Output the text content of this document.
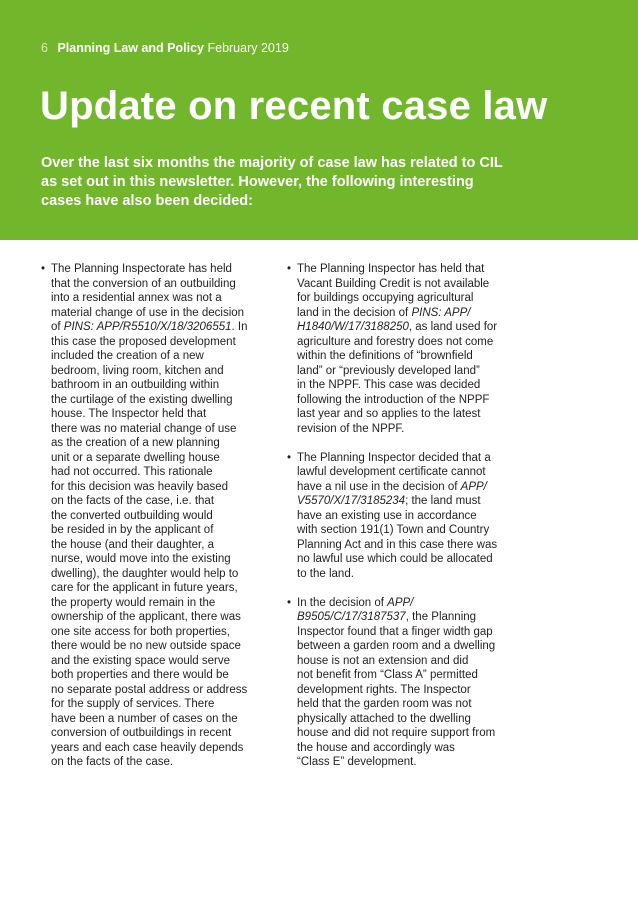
6 Planning Law and Policy February 2019
Update on recent case law

Over the last six months the majority of case law has related to CIL
as set out in this newsletter. However, the following interesting
cases have also been decided:

• The Planning Inspectorate has held
that the conversion of an outbuilding
into a residential annex was not a
material change of use in the decision
of PINS: APP/R5510/X/18/3206551. In
this case the proposed development
included the creation of a new
bedroom, living room, kitchen and
bathroom in an outbuilding within
the curtilage of the existing dwelling
house. The Inspector held that
there was no material change of use
as the creation of a new planning
unit or a separate dwelling house
had not occurred. This rationale
for this decision was heavily based
on the facts of the case, i.e. that
the converted outbuilding would
be resided in by the applicant of
the house (and their daughter, a
nurse, would move into the existing
dwelling), the daughter would help to
care for the applicant in future years,
the property would remain in the
ownership of the applicant, there was
one site access for both properties,
there would be no new outside space
and the existing space would serve
both properties and there would be
no separate postal address or address
for the supply of services. There
have been a number of cases on the
conversion of outbuildings in recent
years and each case heavily depends
on the facts of the case.
• The Planning Inspector has held that
Vacant Building Credit is not available
for buildings occupying agricultural
land in the decision of PINS: APP/
H1840/W/17/3188250, as land used for
agriculture and forestry does not come
within the definitions of “brownfield
land” or “previously developed land”
in the NPPF. This case was decided
following the introduction of the NPPF
last year and so applies to the latest
revision of the NPPF.
• The Planning Inspector decided that a
lawful development certificate cannot
have a nil use in the decision of APP/
V5570/X/17/3185234; the land must
have an existing use in accordance
with section 191(1) Town and Country
Planning Act and in this case there was
no lawful use which could be allocated
to the land.
• In the decision of APP/
B9505/C/17/3187537, the Planning
Inspector found that a finger width gap
between a garden room and a dwelling
house is not an extension and did
not benefit from “Class A” permitted
development rights. The Inspector
held that the garden room was not
physically attached to the dwelling
house and did not require support from
the house and accordingly was
“Class E” development.
